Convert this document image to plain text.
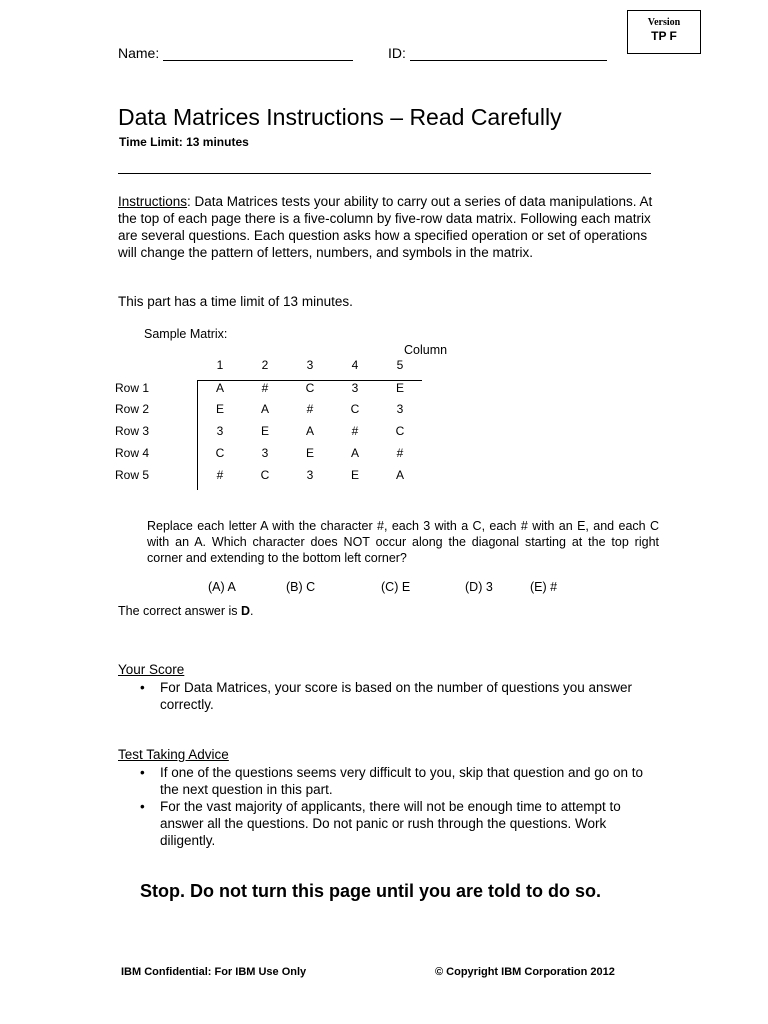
Version
TP F
Name:	ID:
Data Matrices Instructions – Read Carefully
Time Limit: 13 minutes
Instructions: Data Matrices tests your ability to carry out a series of data manipulations. At the top of each page there is a five-column by five-row data matrix. Following each matrix are several questions. Each question asks how a specified operation or set of operations will change the pattern of letters, numbers, and symbols in the matrix.
This part has a time limit of 13 minutes.
Sample Matrix:
Column
1	2	3	4	5
Row 1	A	#	C	3	E
Row 2	E	A	#	C	3
Row 3	3	E	A	#	C
Row 4	C	3	E	A	#
Row 5	#	C	3	E	A
Replace each letter A with the character #, each 3 with a C, each # with an E, and each C with an A. Which character does NOT occur along the diagonal starting at the top right corner and extending to the bottom left corner?
(A) A	(B) C	(C) E	(D) 3	(E) #
The correct answer is D.
Your Score
• For Data Matrices, your score is based on the number of questions you answer correctly.
Test Taking Advice
• If one of the questions seems very difficult to you, skip that question and go on to the next question in this part.
• For the vast majority of applicants, there will not be enough time to attempt to answer all the questions. Do not panic or rush through the questions. Work diligently.
Stop. Do not turn this page until you are told to do so.
IBM Confidential: For IBM Use Only	© Copyright IBM Corporation 2012
